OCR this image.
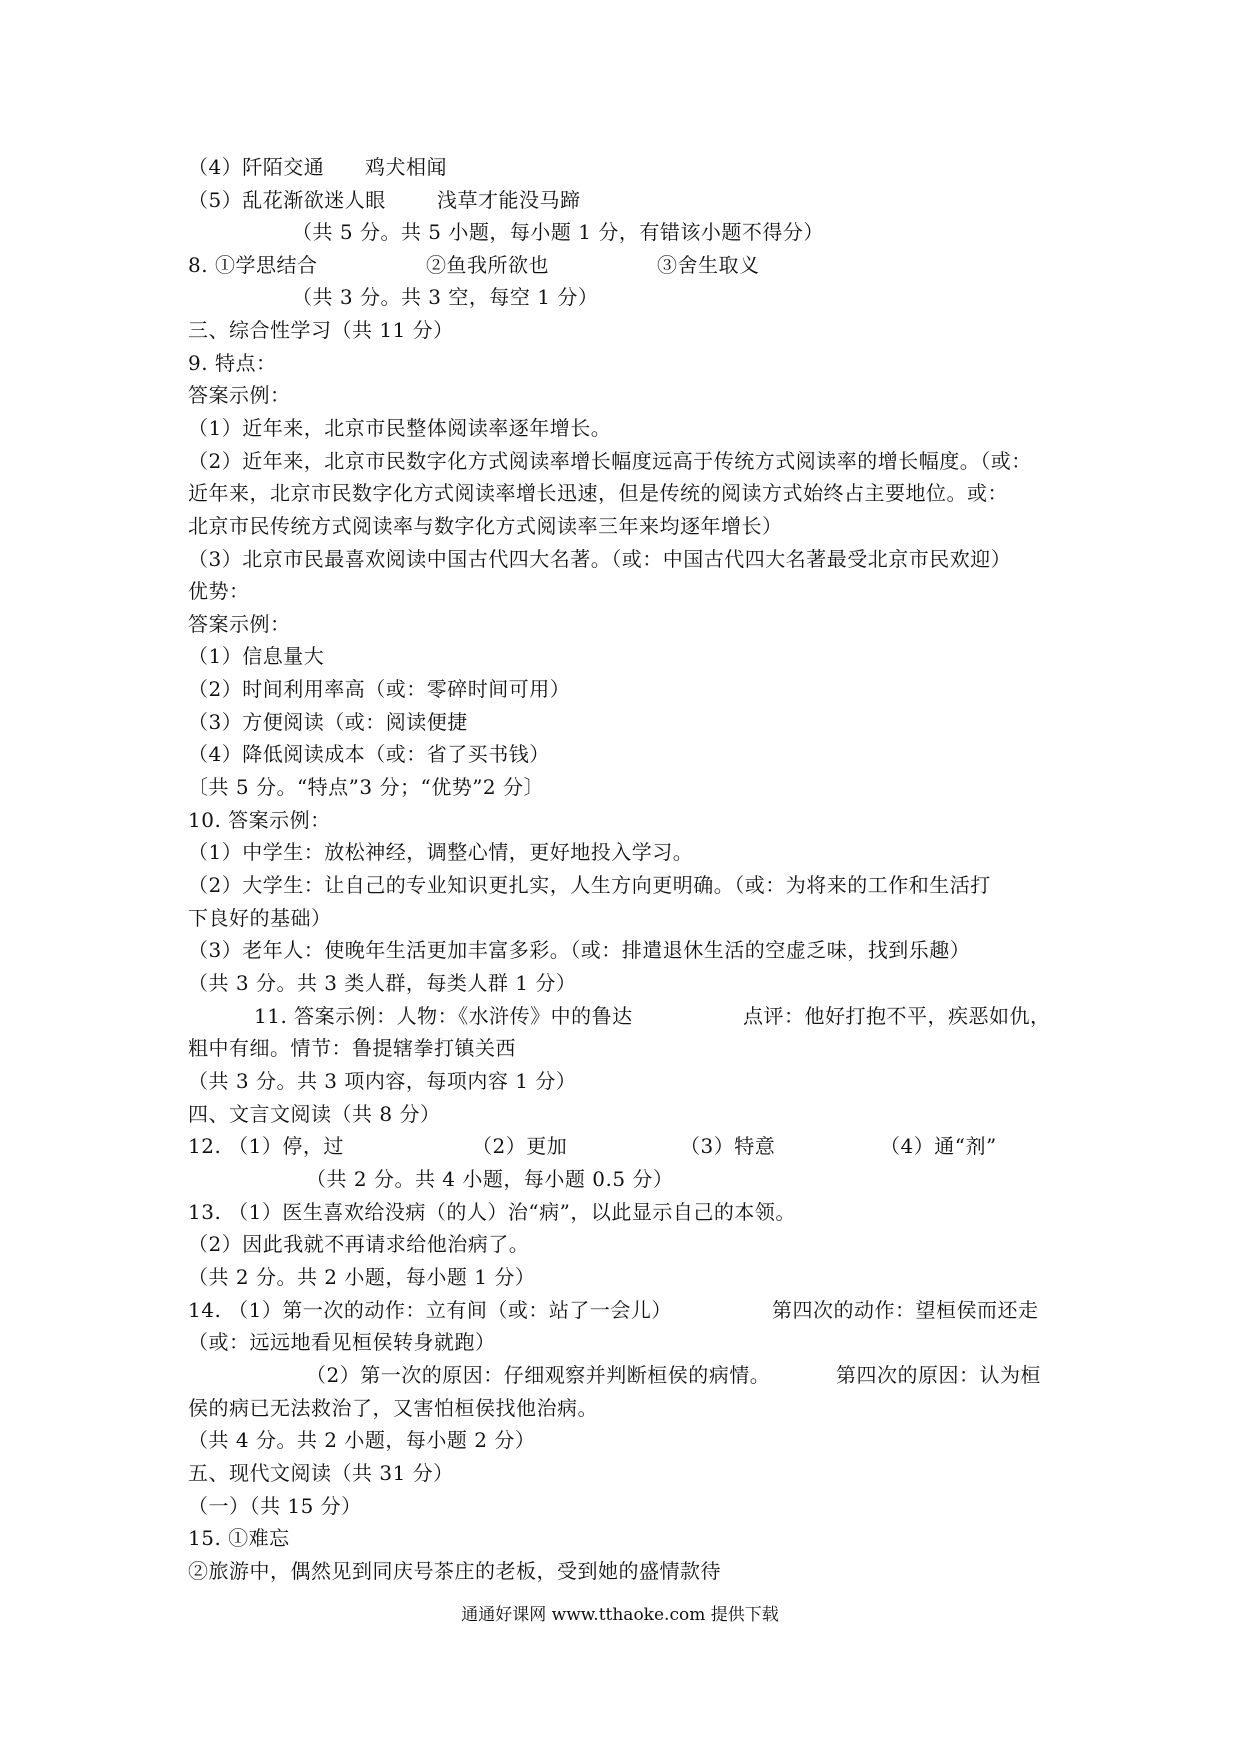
（4）阡陌交通 鸡犬相闻
（5）乱花渐欲迷人眼	浅草才能没马蹄
（共 5 分。共 5 小题，每小题 1 分，有错该小题不得分）
8. ①学思结合	②鱼我所欲也	③舍生取义
（共 3 分。共 3 空，每空 1 分）
三、综合性学习（共 11 分）
9. 特点：
答案示例：
（1）近年来，北京市民整体阅读率逐年增长。
（2）近年来，北京市民数字化方式阅读率增长幅度远高于传统方式阅读率的增长幅度。（或：
近年来，北京市民数字化方式阅读率增长迅速，但是传统的阅读方式始终占主要地位。或：
北京市民传统方式阅读率与数字化方式阅读率三年来均逐年增长）
（3）北京市民最喜欢阅读中国古代四大名著。（或：中国古代四大名著最受北京市民欢迎）
优势：
答案示例：
（1）信息量大
（2）时间利用率高（或：零碎时间可用）
（3）方便阅读（或：阅读便捷
（4）降低阅读成本（或：省了买书钱）
〔共 5 分。“特点”3 分；“优势”2 分〕
10. 答案示例：
（1）中学生：放松神经，调整心情，更好地投入学习。
（2）大学生：让自己的专业知识更扎实，人生方向更明确。（或：为将来的工作和生活打
下良好的基础）
（3）老年人：使晚年生活更加丰富多彩。（或：排遣退休生活的空虚乏味，找到乐趣）
（共 3 分。共 3 类人群，每类人群 1 分）
11. 答案示例：人物：《水浒传》中的鲁达	点评：他好打抱不平，疾恶如仇，
粗中有细。情节：鲁提辖拳打镇关西
（共 3 分。共 3 项内容，每项内容 1 分）
四、文言文阅读（共 8 分）
12. （1）停，过	（2）更加	（3）特意	（4）通“剂”
（共 2 分。共 4 小题，每小题 0.5 分）
13. （1）医生喜欢给没病（的人）治“病”，以此显示自己的本领。
（2）因此我就不再请求给他治病了。
（共 2 分。共 2 小题，每小题 1 分）
14. （1）第一次的动作：立有间（或：站了一会儿）	第四次的动作：望桓侯而还走
（或：远远地看见桓侯转身就跑）
（2）第一次的原因：仔细观察并判断桓侯的病情。	第四次的原因：认为桓
侯的病已无法救治了，又害怕桓侯找他治病。
（共 4 分。共 2 小题，每小题 2 分）
五、现代文阅读（共 31 分）
（一）（共 15 分）
15. ①难忘
②旅游中，偶然见到同庆号茶庄的老板，受到她的盛情款待
通通好课网 www.tthaoke.com 提供下载
